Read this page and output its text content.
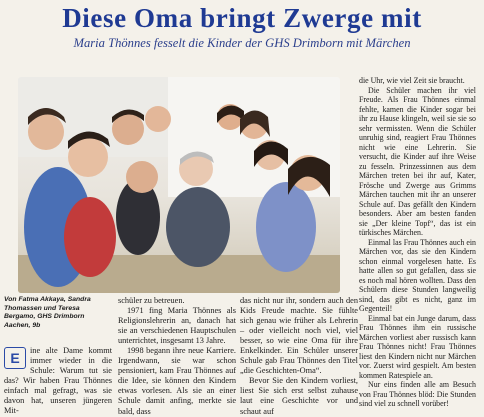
Diese Oma bringt Zwerge mit
Maria Thönnes fesselt die Kinder der GHS Drimborn mit Märchen
Von Fatma Akkaya, Sandra Thomassen und Teresa Bergamo, GHS Drimborn Aachen, 9b
E	ine alte Dame kommt immer wieder in die Schule: Warum tut sie das? Wir haben Frau Thönnes einfach mal gefragt, was sie davon hat, unseren jüngeren Mit-

schüler zu betreuen.

1971 fing Maria Thönnes als Religionslehrerin an, danach hat sie an verschiedenen Hauptschulen unterrichtet, insgesamt 13 Jahre.

1998 begann ihre neue Karriere. Irgendwann, sie war schon pensioniert, kam Frau Thönnes auf die Idee, sie können den Kindern etwas vorlesen. Als sie an einer Schule damit anfing, merkte sie bald, dass

das nicht nur ihr, sondern auch den Kids Freude machte. Sie fühlte sich genau wie früher als Lehrerin – oder vielleicht noch viel, viel besser, so wie eine Oma für ihre Enkelkinder. Ein Schüler unserer Schule gab Frau Thönnes den Titel „die Geschichten-Oma“.

Bevor Sie den Kindern vorliest, liest Sie sich erst selbst zuhause laut eine Geschichte vor und schaut auf

die Uhr, wie viel Zeit sie braucht.

Die Schüler machen ihr viel Freude. Als Frau Thönnes einmal fehlte, kamen die Kinder sogar bei ihr zu Hause klingeln, weil sie sie so sehr vermissten. Wenn die Schüler unruhig sind, reagiert Frau Thönnes nicht wie eine Lehrerin. Sie versucht, die Kinder auf ihre Weise zu fesseln. Prinzessinnen aus dem Märchen treten bei ihr auf, Kater, Frösche und Zwerge aus Grimms Märchen tauchen mit ihr an unserer Schule auf. Das gefällt den Kindern besonders. Aber am besten fanden sie „Der kleine Topf“, das ist ein türkisches Märchen.

Einmal las Frau Thönnes auch ein Märchen vor, das sie den Kindern schon einmal vorgelesen hatte. Es hatte allen so gut gefallen, dass sie es noch mal hören wollten. Dass den Schülern diese Stunden langweilig sind, das gibt es nicht, ganz im Gegenteil!

Einmal bat ein Junge darum, dass Frau Thönnes ihm ein russische Märchen vorliest aber russisch kann Frau Thönnes nicht! Frau Thönnes liest den Kindern nicht nur Märchen vor. Zuerst wird gespielt. Am besten kommen Ratespiele an.

Nur eins finden alle am Besuch von Frau Thönnes blöd: Die Stunden sind viel zu schnell vorüber!
